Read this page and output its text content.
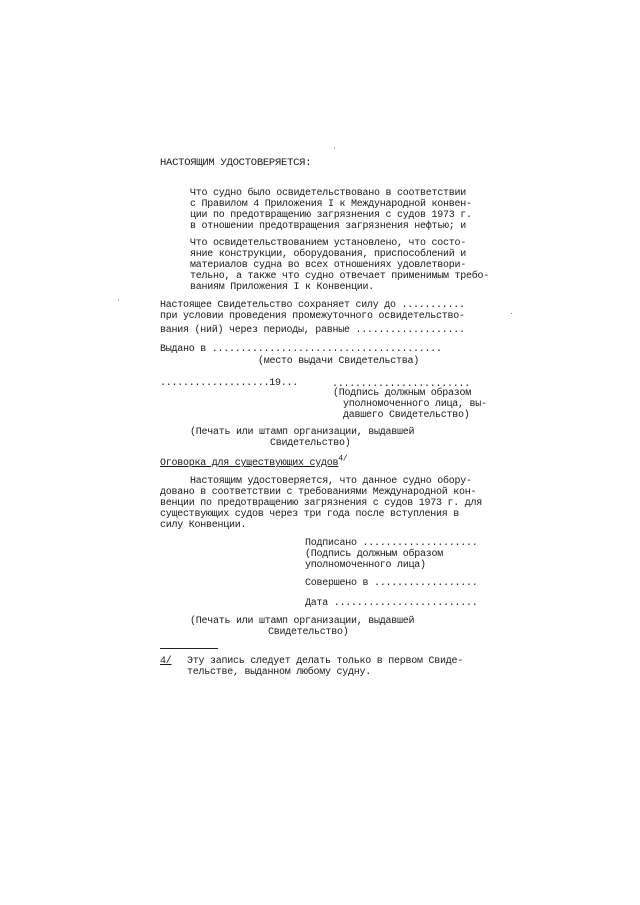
НАСТОЯЩИМ УДОСТОВЕРЯЕТСЯ:
Что судно было освидетельствовано в соответствии
с Правилом 4 Приложения I к Международной конвен-
ции по предотвращению загрязнения с судов 1973 г.
в отношении предотвращения загрязнения нефтью; и
Что освидетельствованием установлено, что состо-
яние конструкции, оборудования, приспособлений и
материалов судна во всех отношениях удовлетвори-
тельно, а также что судно отвечает применимым требо-
ваниям Приложения I к Конвенции.
Настоящее Свидетельство сохраняет силу до ...........
при условии проведения промежуточного освидетельство-
вания (ний) через периоды, равные ...................
Выдано в ........................................
(место выдачи Свидетельства)
...................19...	........................
(Подпись должным образом
уполномоченного лица, вы-
давшего Свидетельство)
(Печать или штамп организации, выдавшей
Свидетельство)
Оговорка для существующих судов$^{4/}$
Настоящим удостоверяется, что данное судно обору-
довано в соответствии с требованиями Международной кон-
венции по предотвращению загрязнения с судов 1973 г. для
существующих судов через три года после вступления в
силу Конвенции.
Подписано ....................
(Подпись должным образом
уполномоченного лица)
Совершено в ..................
Дата .........................
(Печать или штамп организации, выдавшей
Свидетельство)
4/ Эту запись следует делать только в первом Свиде-
тельстве, выданном любому судну.
